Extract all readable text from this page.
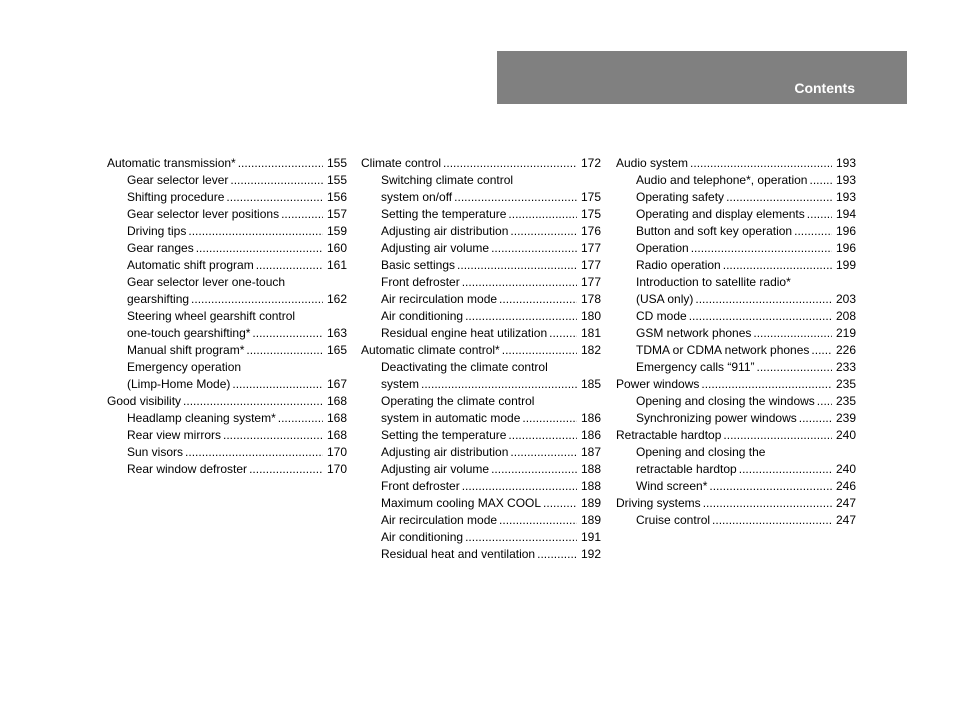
Contents
Automatic transmission* .....	155
Gear selector lever .....	155
Shifting procedure .....	156
Gear selector lever positions .....	157
Driving tips .....	159
Gear ranges .....	160
Automatic shift program .....	161
Gear selector lever one-touch
gearshifting .....	162
Steering wheel gearshift control
one-touch gearshifting* .....	163
Manual shift program* .....	165
Emergency operation
(Limp-Home Mode) .....	167
Good visibility .....	168
Headlamp cleaning system* .....	168
Rear view mirrors .....	168
Sun visors .....	170
Rear window defroster .....	170
Climate control .....	172
Switching climate control
system on/off .....	175
Setting the temperature .....	175
Adjusting air distribution .....	176
Adjusting air volume .....	177
Basic settings .....	177
Front defroster .....	177
Air recirculation mode .....	178
Air conditioning .....	180
Residual engine heat utilization .....	181
Automatic climate control* .....	182
Deactivating the climate control
system .....	185
Operating the climate control
system in automatic mode .....	186
Setting the temperature .....	186
Adjusting air distribution .....	187
Adjusting air volume .....	188
Front defroster .....	188
Maximum cooling MAX COOL .....	189
Air recirculation mode .....	189
Air conditioning .....	191
Residual heat and ventilation .....	192
Audio system .....	193
Audio and telephone*, operation ..... 193
Operating safety .....	193
Operating and display elements .....	194
Button and soft key operation .....	196
Operation .....	196
Radio operation .....	199
Introduction to satellite radio*
(USA only) .....	203
CD mode .....	208
GSM network phones .....	219
TDMA or CDMA network phones ..... 226
Emergency calls “911” .....	233
Power windows .....	235
Opening and closing the windows ..... 235
Synchronizing power windows .....	239
Retractable hardtop .....	240
Opening and closing the
retractable hardtop .....	240
Wind screen* .....	246
Driving systems .....	247
Cruise control .....	247
